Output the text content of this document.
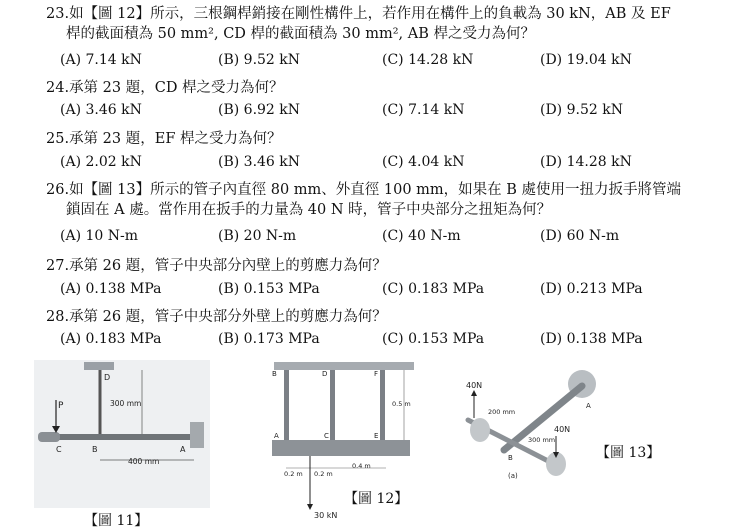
23.如【圖 12】所示，三根鋼桿銷接在剛性構件上，若作用在構件上的負載為 30 kN，AB 及 EF
桿的截面積為 50 mm², CD 桿的截面積為 30 mm², AB 桿之受力為何？
(A) 7.14 kN	(B) 9.52 kN	(C) 14.28 kN	(D) 19.04 kN
24.承第 23 題，CD 桿之受力為何？
(A) 3.46 kN	(B) 6.92 kN	(C) 7.14 kN	(D) 9.52 kN
25.承第 23 題，EF 桿之受力為何？
(A) 2.02 kN	(B) 3.46 kN	(C) 4.04 kN	(D) 14.28 kN
26.如【圖 13】所示的管子內直徑 80 mm、外直徑 100 mm，如果在 B 處使用一扭力扳手將管端
鎖固在 A 處。當作用在扳手的力量為 40 N 時，管子中央部分之扭矩為何？
(A) 10 N-m	(B) 20 N-m	(C) 40 N-m	(D) 60 N-m
27.承第 26 題，管子中央部分內壁上的剪應力為何？
(A) 0.138 MPa	(B) 0.153 MPa	(C) 0.183 MPa	(D) 0.213 MPa
28.承第 26 題，管子中央部分外壁上的剪應力為何？
(A) 0.183 MPa	(B) 0.173 MPa	(C) 0.153 MPa	(D) 0.138 MPa
P
D
B
C	A
300 mm
400 mm
【圖 11】
B	D	F
A	C	E
0.5 m
0.2 m 0.2 m
0.4 m
30 kN
【圖 12】
40N
40N
200 mm
300 mm
A
B
(a)
【圖 13】
